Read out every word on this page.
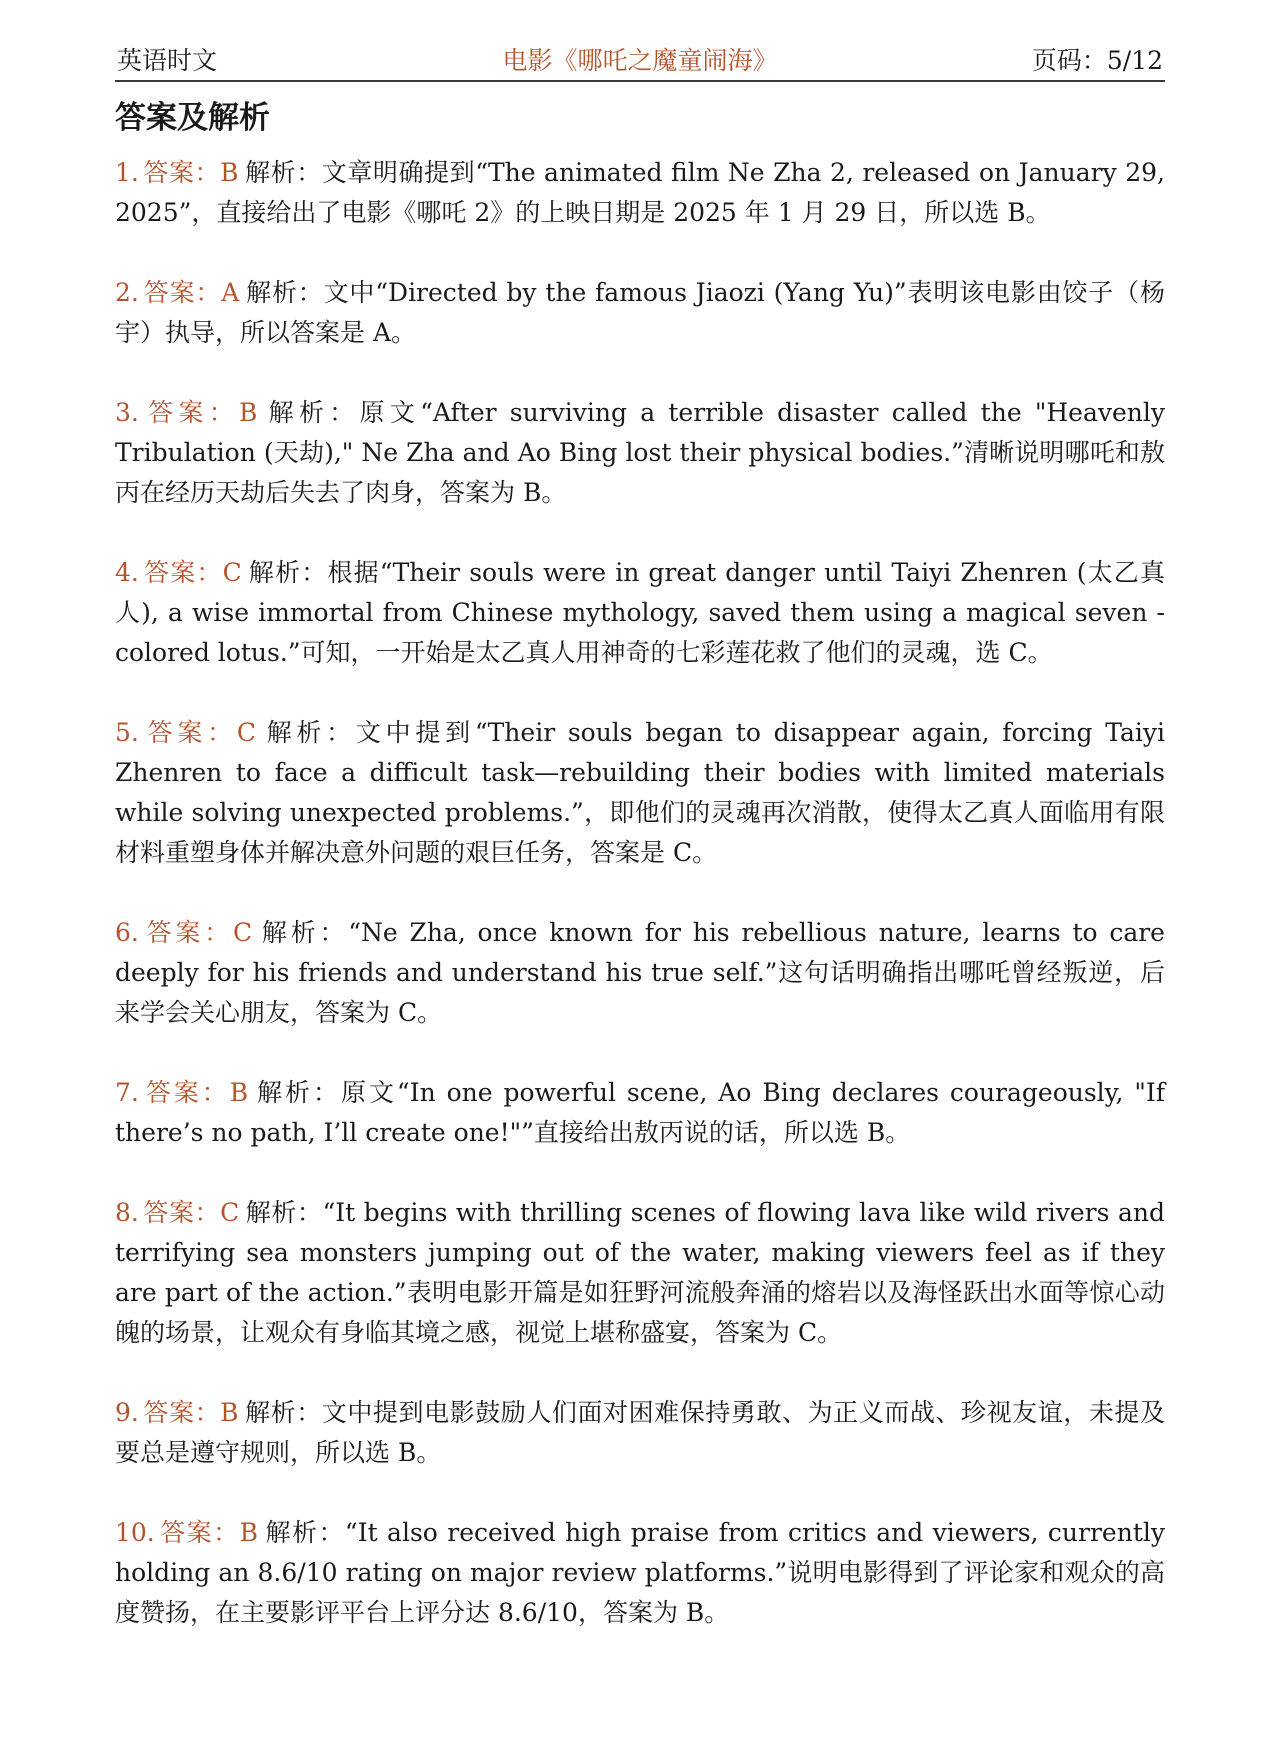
英语时文	电影《哪吒之魔童闹海》	页码：5/12
答案及解析

1. 答案：B 解析：文章明确提到“The animated film Ne Zha 2, released on January 29, 2025”，直接给出了电影《哪吒 2》的上映日期是 2025 年 1 月 29 日，所以选 B。

2. 答案：A 解析：文中“Directed by the famous Jiaozi (Yang Yu)”表明该电影由饺子（杨宇）执导，所以答案是 A。

3. 答案：B 解析：原文“After surviving a terrible disaster called the "Heavenly Tribulation (天劫)," Ne Zha and Ao Bing lost their physical bodies.”清晰说明哪吒和敖丙在经历天劫后失去了肉身，答案为 B。

4. 答案：C 解析：根据“Their souls were in great danger until Taiyi Zhenren (太乙真人), a wise immortal from Chinese mythology, saved them using a magical seven - colored lotus.”可知，一开始是太乙真人用神奇的七彩莲花救了他们的灵魂，选 C。

5. 答案：C 解析：文中提到“Their souls began to disappear again, forcing Taiyi Zhenren to face a difficult task—rebuilding their bodies with limited materials while solving unexpected problems.”，即他们的灵魂再次消散，使得太乙真人面临用有限材料重塑身体并解决意外问题的艰巨任务，答案是 C。

6. 答案：C 解析：“Ne Zha, once known for his rebellious nature, learns to care deeply for his friends and understand his true self.”这句话明确指出哪吒曾经叛逆，后来学会关心朋友，答案为 C。

7. 答案：B 解析：原文“In one powerful scene, Ao Bing declares courageously, "If there’s no path, I’ll create one!"”直接给出敖丙说的话，所以选 B。

8. 答案：C 解析：“It begins with thrilling scenes of flowing lava like wild rivers and terrifying sea monsters jumping out of the water, making viewers feel as if they are part of the action.”表明电影开篇是如狂野河流般奔涌的熔岩以及海怪跃出水面等惊心动魄的场景，让观众有身临其境之感，视觉上堪称盛宴，答案为 C。

9. 答案：B 解析：文中提到电影鼓励人们面对困难保持勇敢、为正义而战、珍视友谊，未提及要总是遵守规则，所以选 B。

10. 答案：B 解析：“It also received high praise from critics and viewers, currently holding an 8.6/10 rating on major review platforms.”说明电影得到了评论家和观众的高度赞扬，在主要影评平台上评分达 8.6/10，答案为 B。
